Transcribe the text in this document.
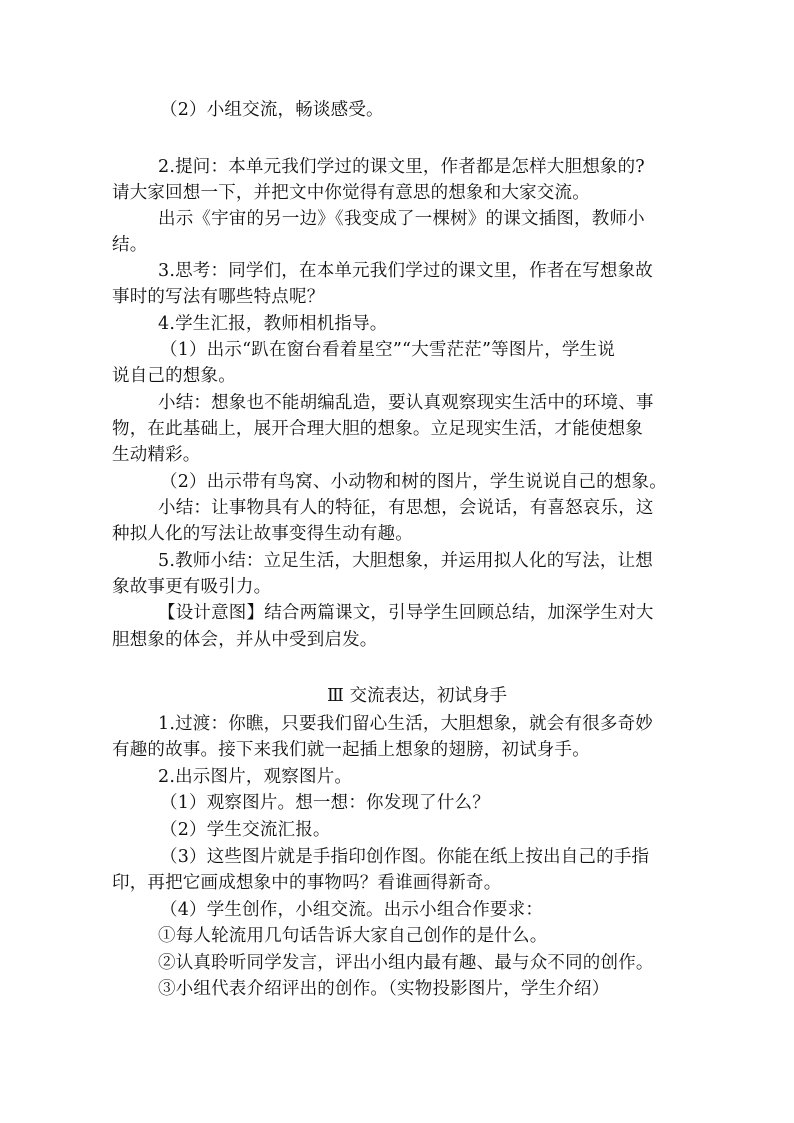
（2）小组交流，畅谈感受。
2.提问：本单元我们学过的课文里，作者都是怎样大胆想象的?
请大家回想一下，并把文中你觉得有意思的想象和大家交流。
出示《宇宙的另一边》《我变成了一棵树》的课文插图，教师小
结。
3.思考：同学们，在本单元我们学过的课文里，作者在写想象故
事时的写法有哪些特点呢？
4.学生汇报，教师相机指导。
（1）出示“趴在窗台看着星空”“大雪茫茫”等图片，学生说
说自己的想象。
小结：想象也不能胡编乱造，要认真观察现实生活中的环境、事
物，在此基础上，展开合理大胆的想象。立足现实生活，才能使想象
生动精彩。
（2）出示带有鸟窝、小动物和树的图片，学生说说自己的想象。
小结：让事物具有人的特征，有思想，会说话，有喜怒哀乐，这
种拟人化的写法让故事变得生动有趣。
5.教师小结：立足生活，大胆想象，并运用拟人化的写法，让想
象故事更有吸引力。
【设计意图】结合两篇课文，引导学生回顾总结，加深学生对大
胆想象的体会，并从中受到启发。
Ⅲ 交流表达，初试身手
1.过渡：你瞧，只要我们留心生活，大胆想象，就会有很多奇妙
有趣的故事。接下来我们就一起插上想象的翅膀，初试身手。
2.出示图片，观察图片。
（1）观察图片。想一想：你发现了什么？
（2）学生交流汇报。
（3）这些图片就是手指印创作图。你能在纸上按出自己的手指
印，再把它画成想象中的事物吗？看谁画得新奇。
（4）学生创作，小组交流。出示小组合作要求：
①每人轮流用几句话告诉大家自己创作的是什么。
②认真聆听同学发言，评出小组内最有趣、最与众不同的创作。
③小组代表介绍评出的创作。（实物投影图片，学生介绍）
